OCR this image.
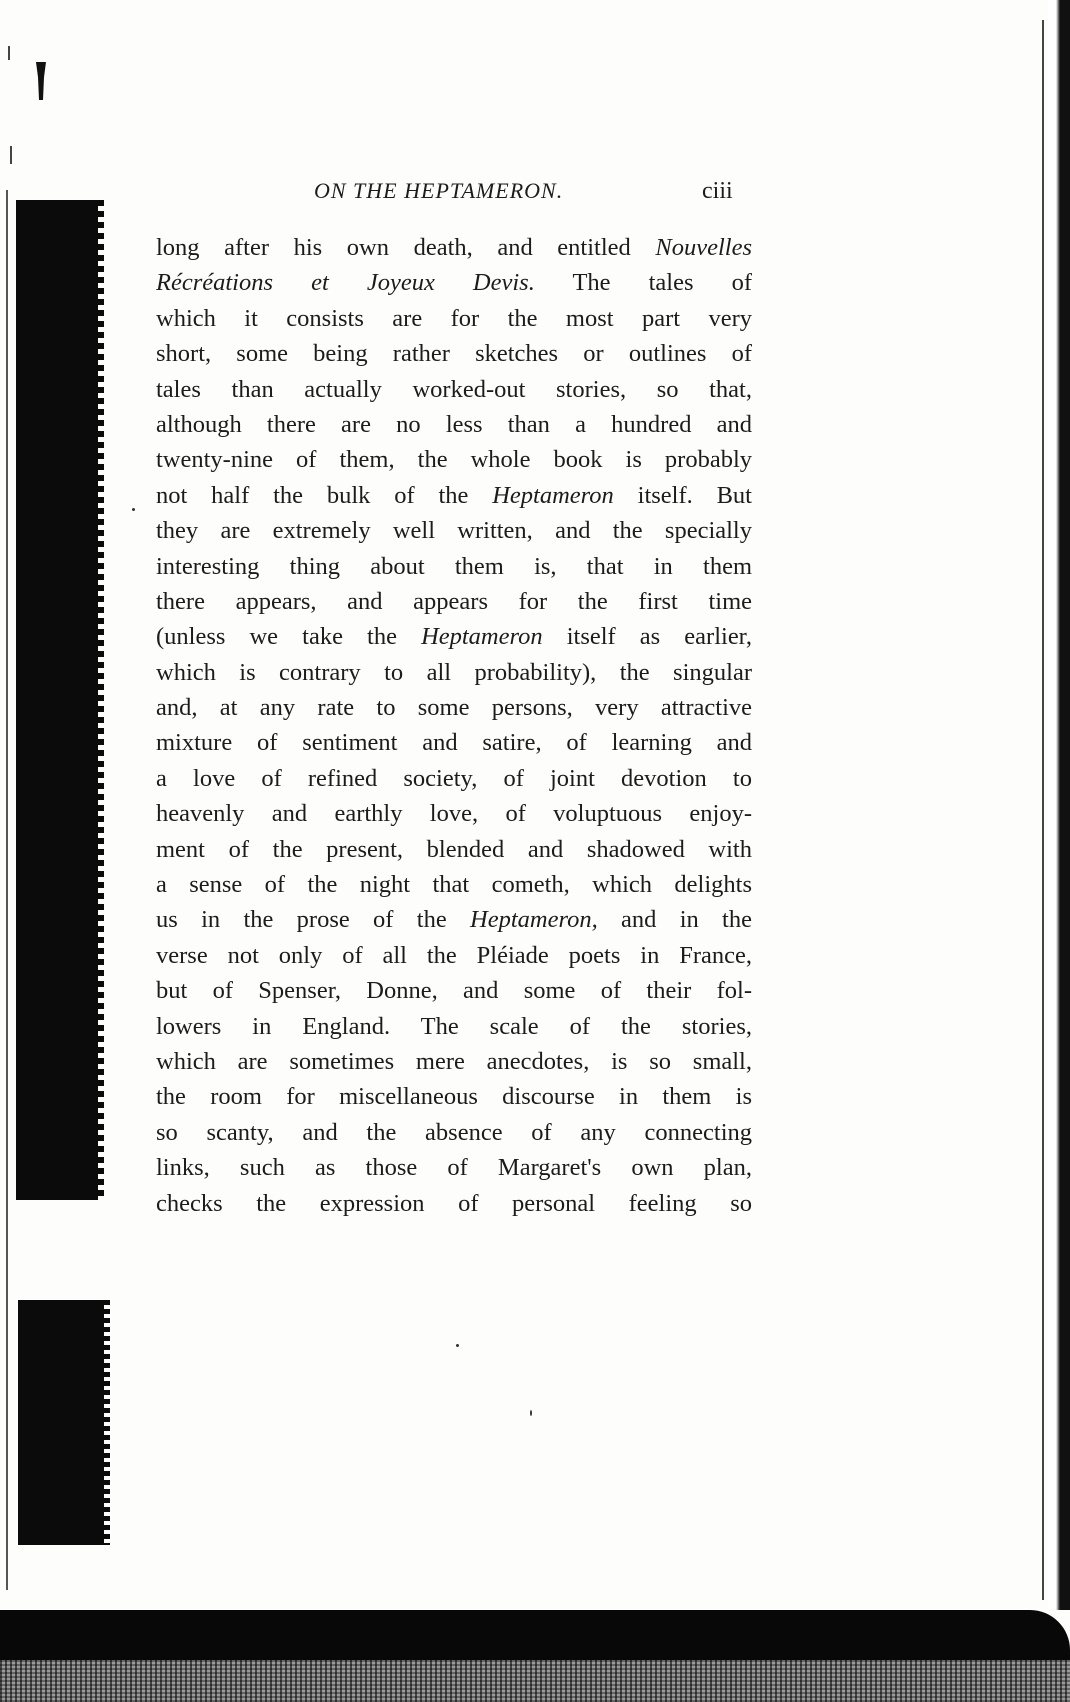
ON THE HEPTAMERON.	ciii
long after his own death, and entitled Nouvelles
Récréations et Joyeux Devis. The tales of
which it consists are for the most part very
short, some being rather sketches or outlines of
tales than actually worked-out stories, so that,
although there are no less than a hundred and
twenty-nine of them, the whole book is probably
not half the bulk of the Heptameron itself. But
they are extremely well written, and the specially
interesting thing about them is, that in them
there appears, and appears for the first time
(unless we take the Heptameron itself as earlier,
which is contrary to all probability), the singular
and, at any rate to some persons, very attractive
mixture of sentiment and satire, of learning and
a love of refined society, of joint devotion to
heavenly and earthly love, of voluptuous enjoy-
ment of the present, blended and shadowed with
a sense of the night that cometh, which delights
us in the prose of the Heptameron, and in the
verse not only of all the Pléiade poets in France,
but of Spenser, Donne, and some of their fol-
lowers in England. The scale of the stories,
which are sometimes mere anecdotes, is so small,
the room for miscellaneous discourse in them is
so scanty, and the absence of any connecting
links, such as those of Margaret's own plan,
checks the expression of personal feeling so
